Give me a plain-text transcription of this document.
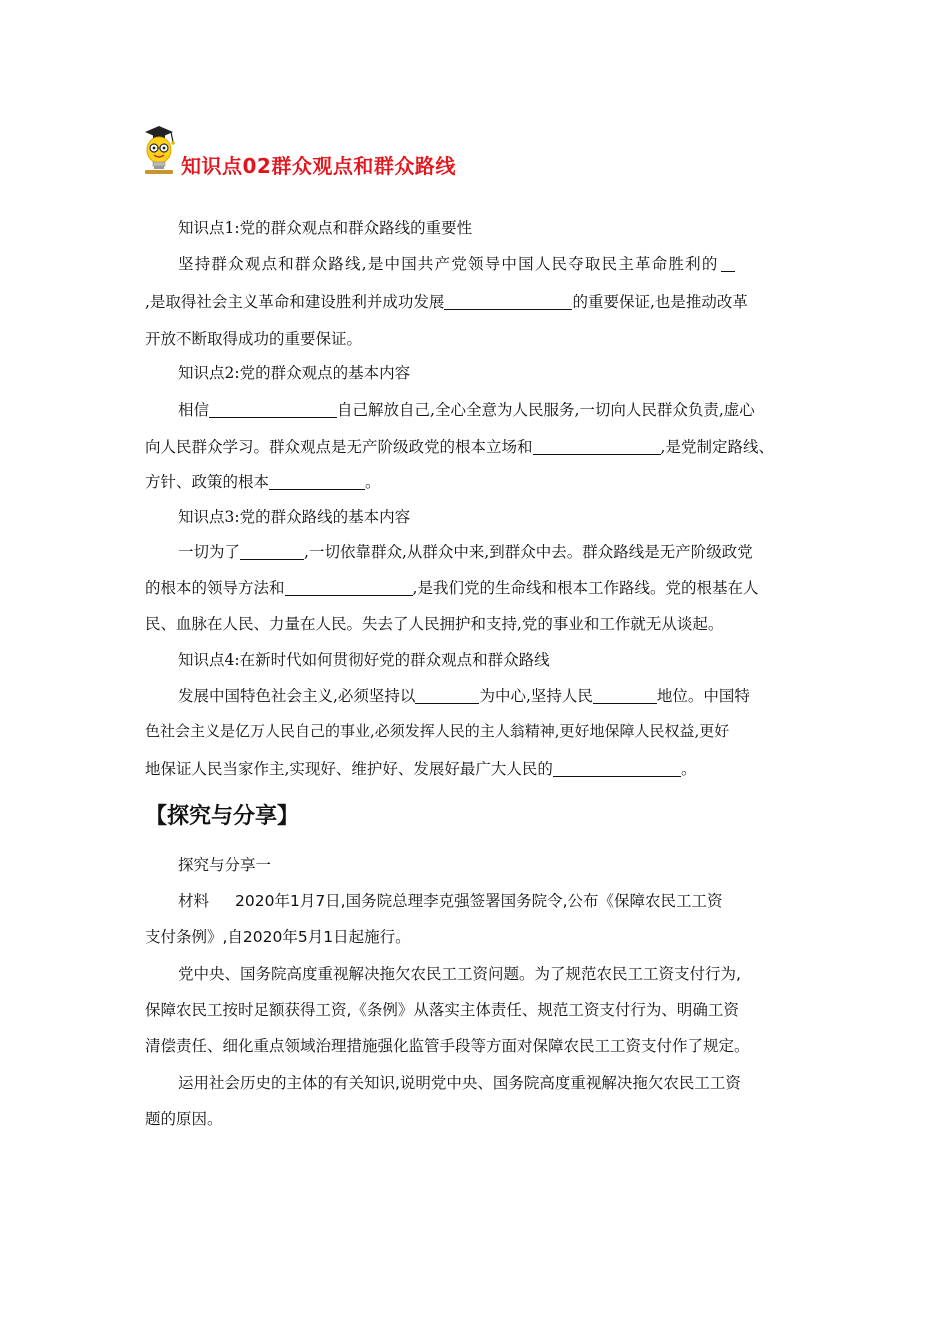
知识点02群众观点和群众路线
知识点1:党的群众观点和群众路线的重要性
坚持群众观点和群众路线,是中国共产党领导中国人民夺取民主革命胜利的
,是取得社会主义革命和建设胜利并成功发展	的重要保证,也是推动改革
开放不断取得成功的重要保证。
知识点2:党的群众观点的基本内容
相信	自己解放自己,全心全意为人民服务,一切向人民群众负责,虚心
向人民群众学习。群众观点是无产阶级政党的根本立场和	,是党制定路线、
方针、政策的根本	。
知识点3:党的群众路线的基本内容
一切为了	,一切依靠群众,从群众中来,到群众中去。群众路线是无产阶级政党
的根本的领导方法和	,是我们党的生命线和根本工作路线。党的根基在人
民、血脉在人民、力量在人民。失去了人民拥护和支持,党的事业和工作就无从谈起。
知识点4:在新时代如何贯彻好党的群众观点和群众路线
发展中国特色社会主义,必须坚持以	为中心,坚持人民	地位。中国特
色社会主义是亿万人民自己的事业,必须发挥人民的主人翁精神,更好地保障人民权益,更好
地保证人民当家作主,实现好、维护好、发展好最广大人民的	。
【探究与分享】
探究与分享一
材料 2020年1月7日,国务院总理李克强签署国务院令,公布《保障农民工工资
支付条例》,自2020年5月1日起施行。
党中央、国务院高度重视解决拖欠农民工工资问题。为了规范农民工工资支付行为,
保障农民工按时足额获得工资,《条例》从落实主体责任、规范工资支付行为、明确工资
清偿责任、细化重点领域治理措施强化监管手段等方面对保障农民工工资支付作了规定。
运用社会历史的主体的有关知识,说明党中央、国务院高度重视解决拖欠农民工工资
题的原因。
